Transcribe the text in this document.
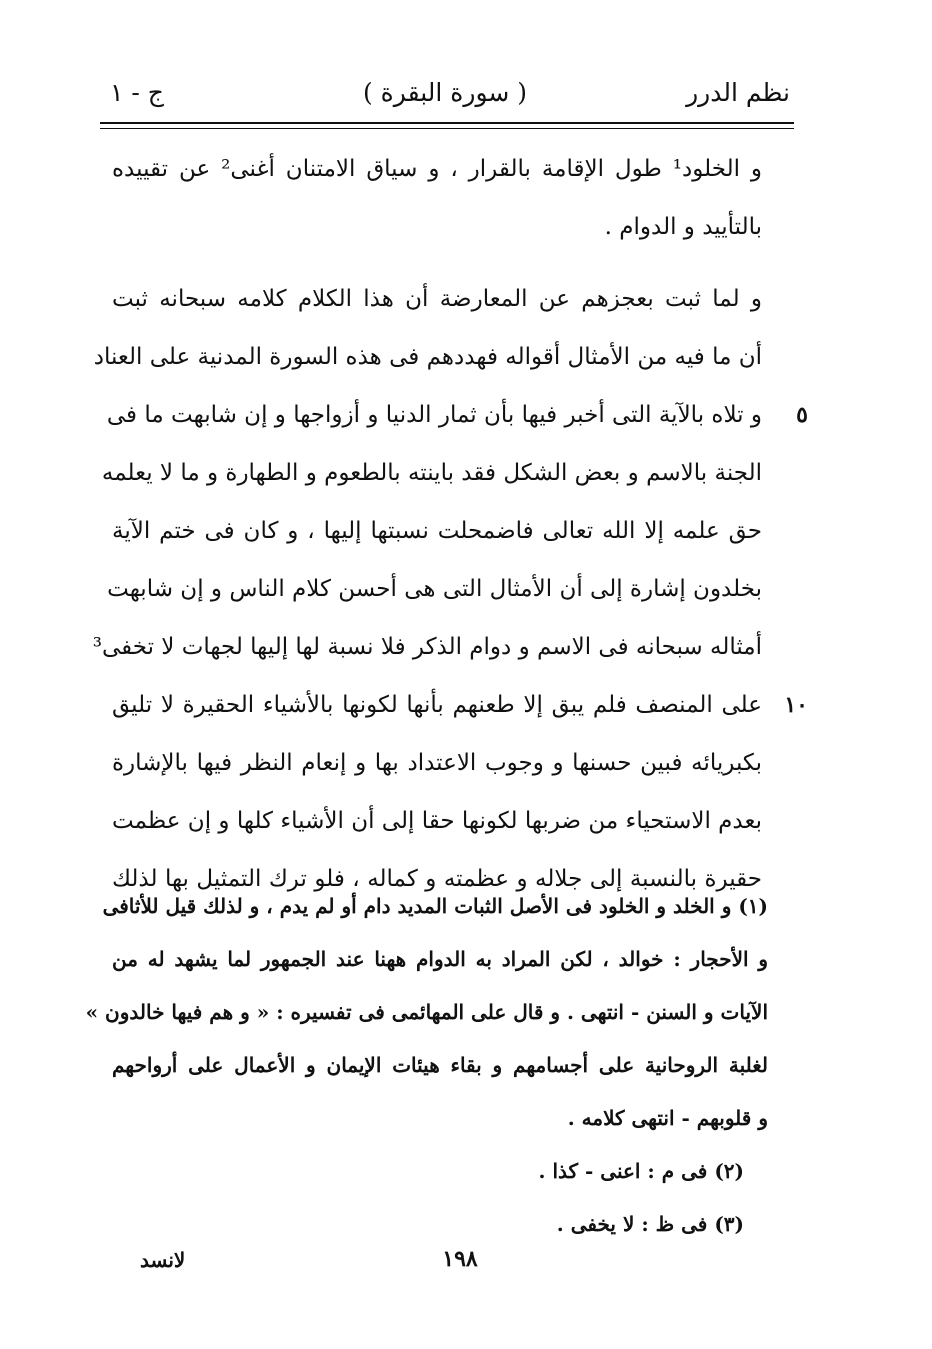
نظم الدرر
( سورة البقرة )
ج - ١
و الخلود¹ طول الإقامة بالقرار ، و سياق الامتنان أغنى² عن تقييده
بالتأييد و الدوام .
و لما ثبت بعجزهم عن المعارضة أن هذا الكلام كلامه سبحانه ثبت
أن ما فيه من الأمثال أقواله فهددهم فى هذه السورة المدنية على العناد
٥
و تلاه بالآية التى أخبر فيها بأن ثمار الدنيا و أزواجها و إن شابهت ما فى
الجنة بالاسم و بعض الشكل فقد باينته بالطعوم و الطهارة و ما لا يعلمه
حق علمه إلا الله تعالى فاضمحلت نسبتها إليها ، و كان فى ختم الآية
بخلدون إشارة إلى أن الأمثال التى هى أحسن كلام الناس و إن شابهت
أمثاله سبحانه فى الاسم و دوام الذكر فلا نسبة لها إليها لجهات لا تخفى³
١٠
على المنصف فلم يبق إلا طعنهم بأنها لكونها بالأشياء الحقيرة لا تليق
بكبريائه فبين حسنها و وجوب الاعتداد بها و إنعام النظر فيها بالإشارة
بعدم الاستحياء من ضربها لكونها حقا إلى أن الأشياء كلها و إن عظمت
حقيرة بالنسبة إلى جلاله و عظمته و كماله ، فلو ترك التمثيل بها لذلك
(١) و الخلد و الخلود فى الأصل الثبات المديد دام أو لم يدم ، و لذلك قيل للأثافى
و الأحجار : خوالد ، لكن المراد به الدوام ههنا عند الجمهور لما يشهد له من
الآيات و السنن - انتهى . و قال على المهائمى فى تفسيره : « و هم فيها خالدون »
لغلبة الروحانية على أجسامهم و بقاء هيئات الإيمان و الأعمال على أرواحهم
و قلوبهم - انتهى كلامه .
(٢) فى م : اعنى - كذا .
(٣) فى ظ : لا يخفى .
١٩٨
لانسد
